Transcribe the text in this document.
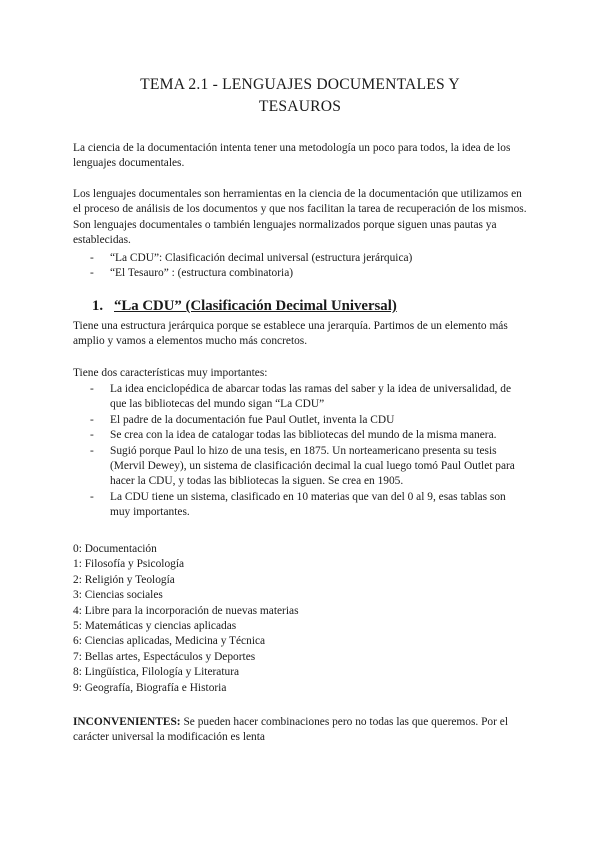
TEMA 2.1 - LENGUAJES DOCUMENTALES Y
TESAUROS

La ciencia de la documentación intenta tener una metodología un poco para todos, la idea de los lenguajes documentales.

Los lenguajes documentales son herramientas en la ciencia de la documentación que utilizamos en el proceso de análisis de los documentos y que nos facilitan la tarea de recuperación de los mismos. Son lenguajes documentales o también lenguajes normalizados porque siguen unas pautas ya establecidas.

- “La CDU”: Clasificación decimal universal (estructura jerárquica)
- “El Tesauro” : (estructura combinatoria)
1. “La CDU” (Clasificación Decimal Universal)

Tiene una estructura jerárquica porque se establece una jerarquía. Partimos de un elemento más amplio y vamos a elementos mucho más concretos.

Tiene dos características muy importantes:

- La idea enciclopédica de abarcar todas las ramas del saber y la idea de universalidad, de que las bibliotecas del mundo sigan “La CDU”
- El padre de la documentación fue Paul Outlet, inventa la CDU
- Se crea con la idea de catalogar todas las bibliotecas del mundo de la misma manera.
- Sugió porque Paul lo hizo de una tesis, en 1875. Un norteamericano presenta su tesis (Mervil Dewey), un sistema de clasificación decimal la cual luego tomó Paul Outlet para hacer la CDU, y todas las bibliotecas la siguen. Se crea en 1905.
- La CDU tiene un sistema, clasificado en 10 materias que van del 0 al 9, esas tablas son muy importantes.
0: Documentación
1: Filosofía y Psicología
2: Religión y Teología
3: Ciencias sociales
4: Libre para la incorporación de nuevas materias
5: Matemáticas y ciencias aplicadas
6: Ciencias aplicadas, Medicina y Técnica
7: Bellas artes, Espectáculos y Deportes
8: Lingüística, Filología y Literatura
9: Geografía, Biografía e Historia

INCONVENIENTES: Se pueden hacer combinaciones pero no todas las que queremos. Por el carácter universal la modificación es lenta
